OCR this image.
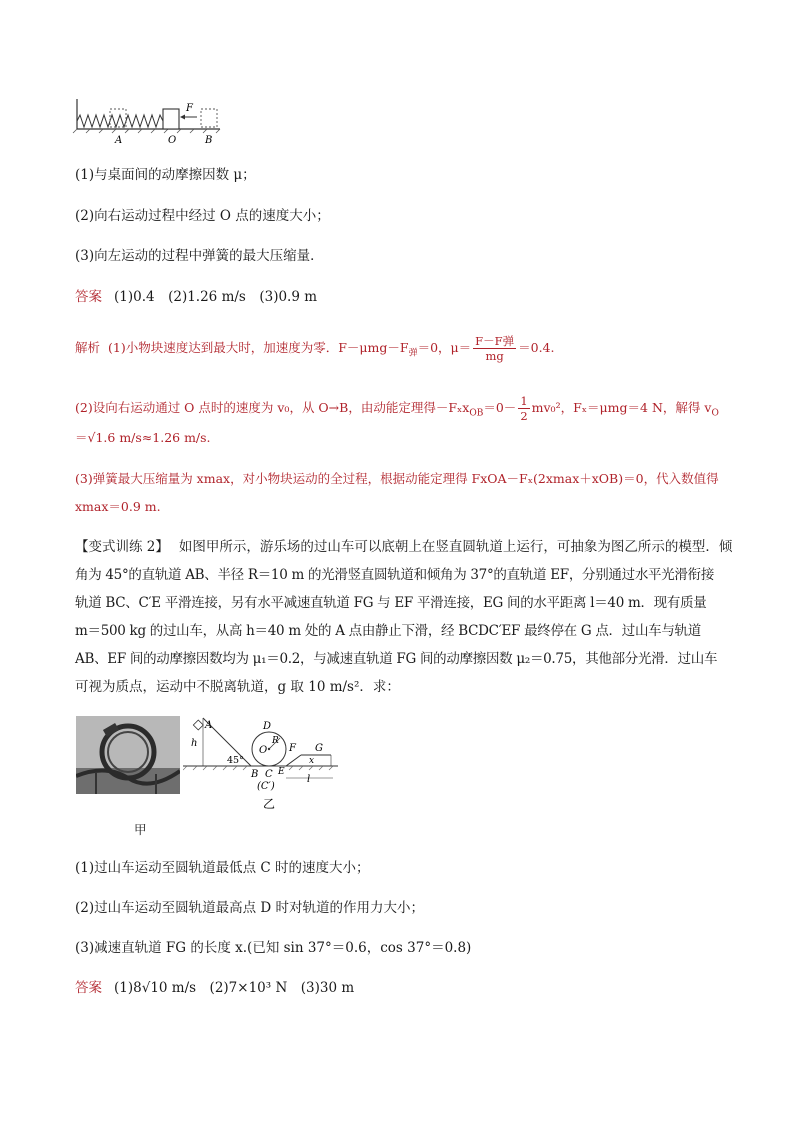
F
A	O	B
(1)与桌面间的动摩擦因数 μ；
(2)向右运动过程中经过 O 点的速度大小；
(3)向左运动的过程中弹簧的最大压缩量．
答案 (1)0.4　(2)1.26 m/s　(3)0.9 m
解析 (1)小物块速度达到最大时，加速度为零．$F-\mu mg-F_弹=0$，$\mu= \frac{\text{F－F弹}}{mg} =0.4$.
(2)设向右运动通过 O 点时的速度为 v₀，从 O→B，由动能定理得$-F_xx_{OB}=0- \frac{1}{2} mv_0^2$，Fₓ＝μmg＝4 N，解得 $v_O$
＝√1.6 m/s≈1.26 m/s.
(3)弹簧最大压缩量为 xmax，对小物块运动的全过程，根据动能定理得 FxOA－Fₓ(2xmax＋xOB)＝0，代入数值得
xmax＝0.9 m.
【变式训练 2】 如图甲所示，游乐场的过山车可以底朝上在竖直圆轨道上运行，可抽象为图乙所示的模型．倾
角为 45°的直轨道 AB、半径 R＝10 m 的光滑竖直圆轨道和倾角为 37°的直轨道 EF，分别通过水平光滑衔接
轨道 BC、C′E 平滑连接，另有水平减速直轨道 FG 与 EF 平滑连接，EG 间的水平距离 l＝40 m．现有质量
m＝500 kg 的过山车，从高 h＝40 m 处的 A 点由静止下滑，经 BCDC′EF 最终停在 G 点．过山车与轨道
AB、EF 间的动摩擦因数均为 μ₁＝0.2，与减速直轨道 FG 间的动摩擦因数 μ₂＝0.75，其他部分光滑．过山车
可视为质点，运动中不脱离轨道，g 取 10 m/s²．求：
甲
A
h
45°
D
O
R
F G
x
B C E
(C′)
l
乙
(1)过山车运动至圆轨道最低点 C 时的速度大小；
(2)过山车运动至圆轨道最高点 D 时对轨道的作用力大小；
(3)减速直轨道 FG 的长度 x.(已知 sin 37°＝0.6，cos 37°＝0.8)
答案 (1)8√10 m/s　(2)7×10³ N　(3)30 m
